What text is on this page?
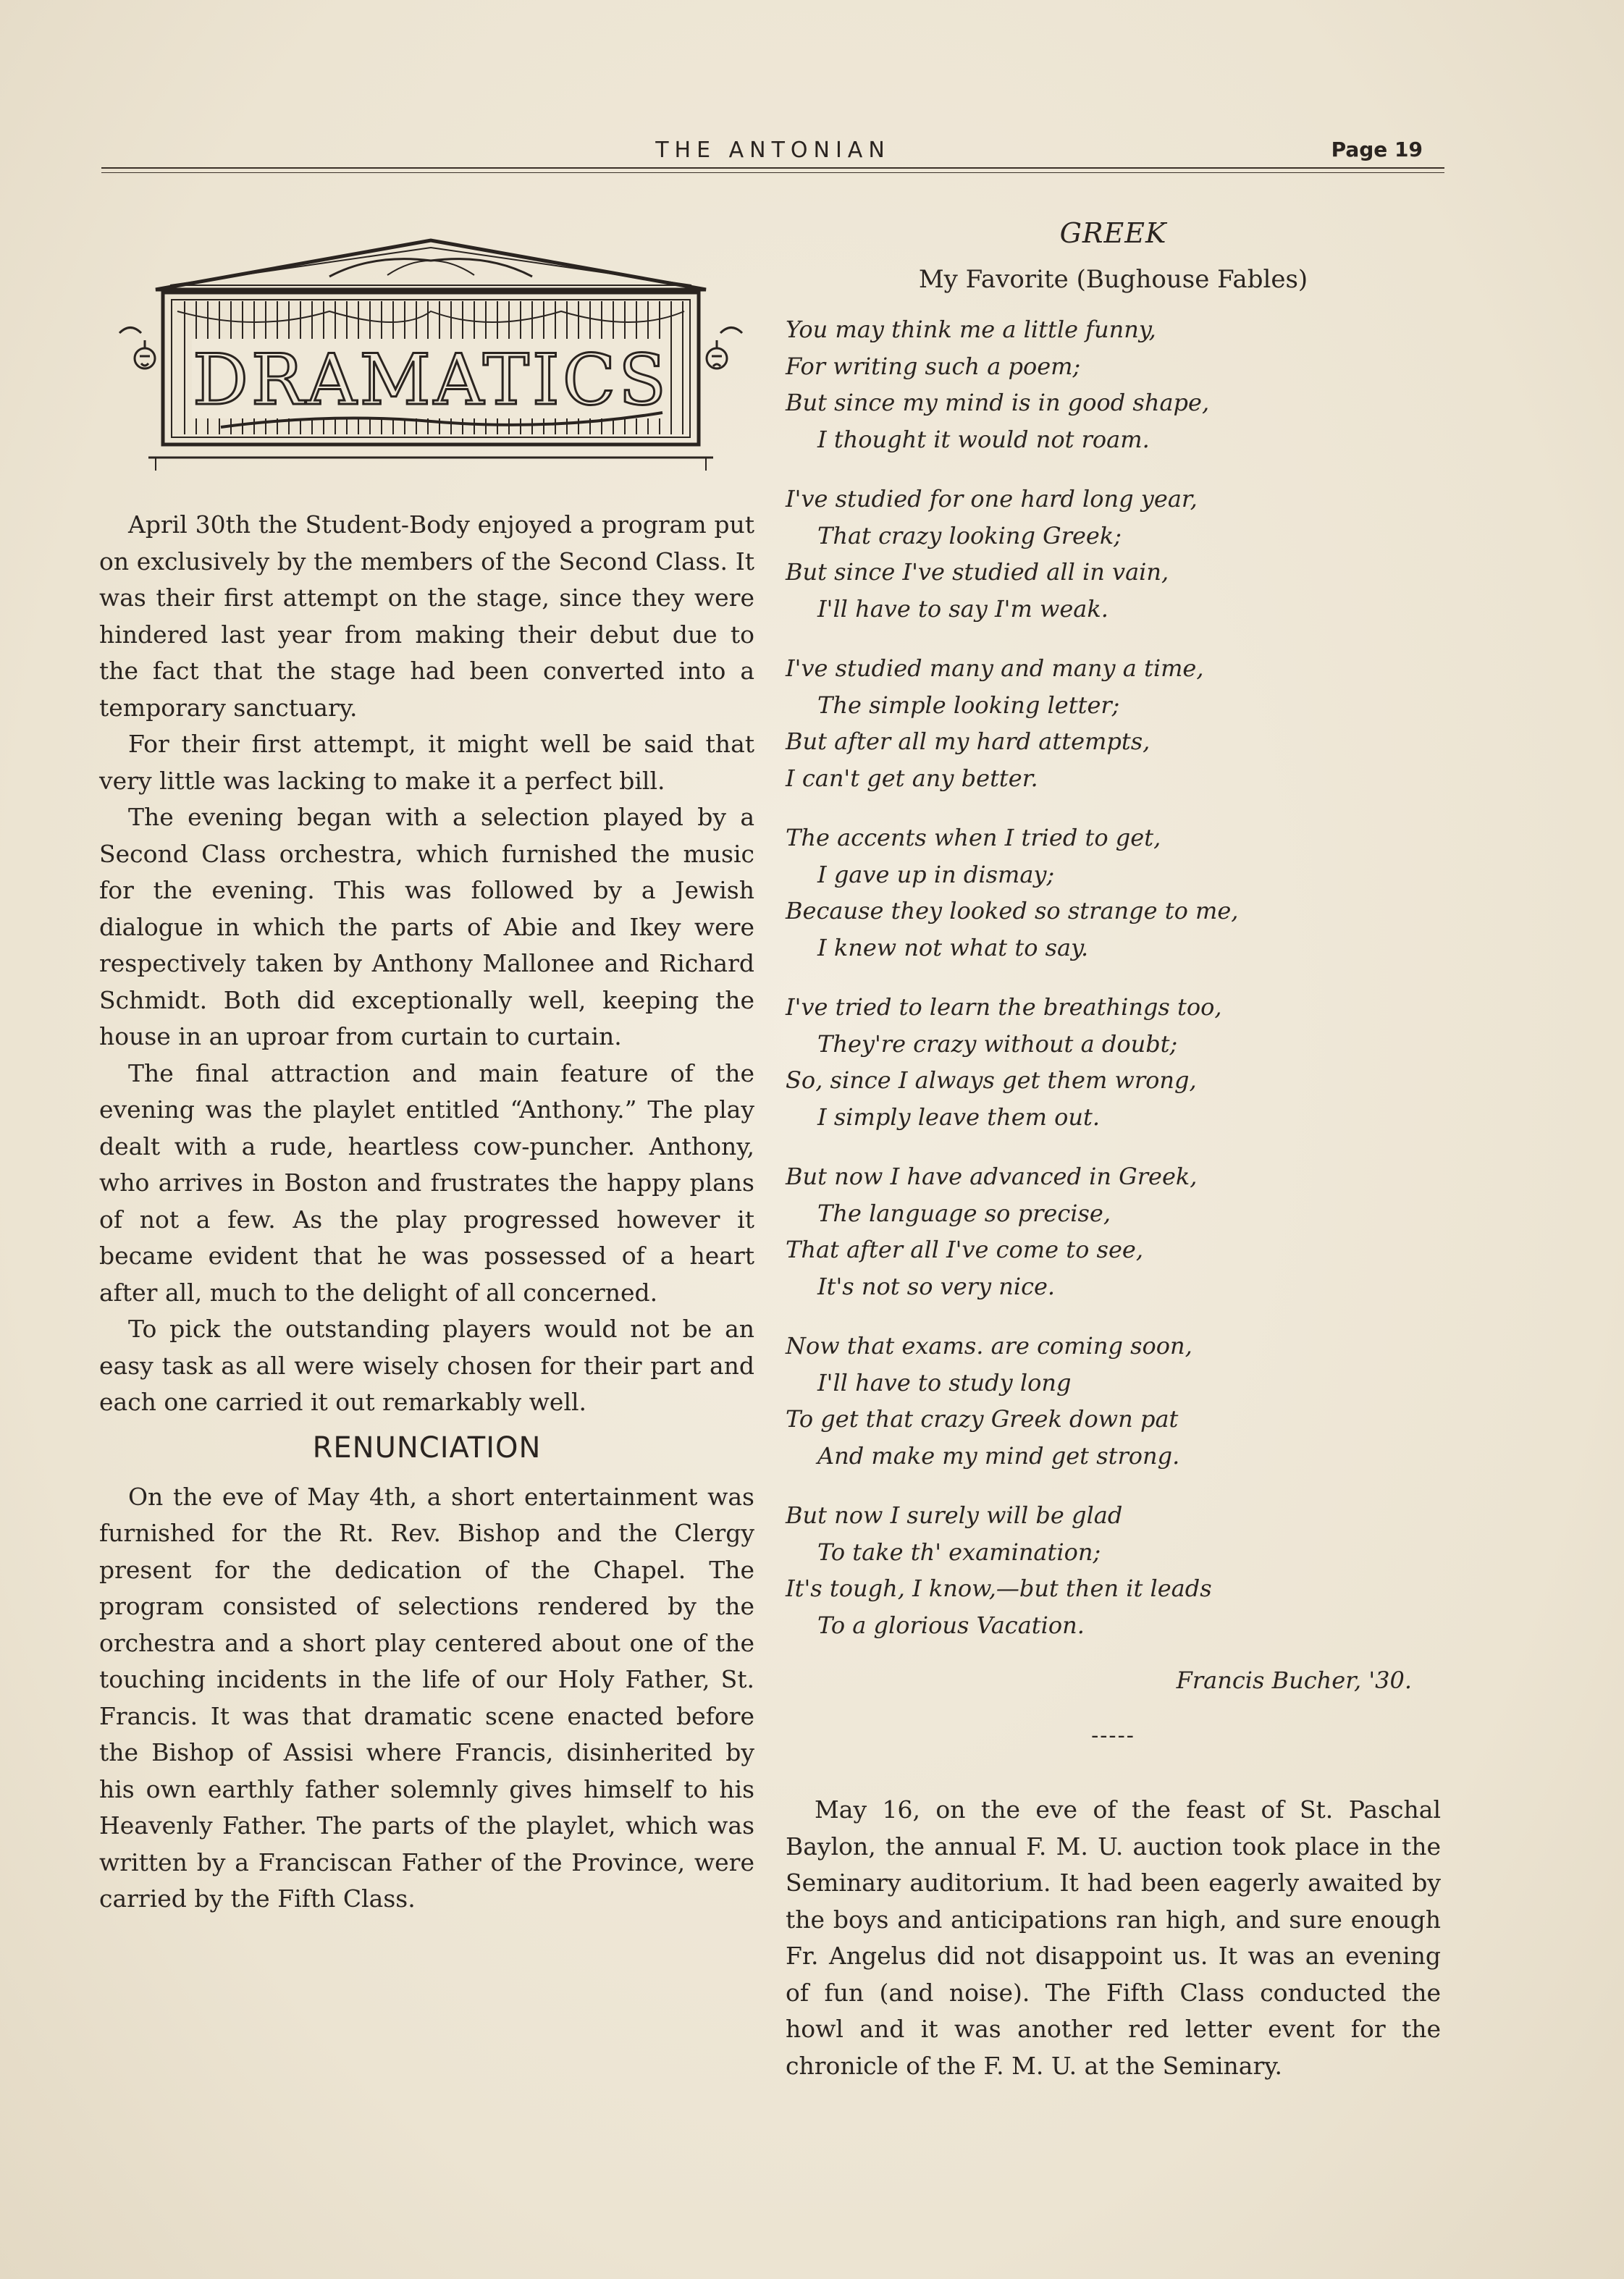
THE ANTONIAN	Page 19
DRAMATICS

April 30th the Student-Body enjoyed a program put on exclusively by the members of the Second Class. It was their first attempt on the stage, since they were hindered last year from making their debut due to the fact that the stage had been converted into a temporary sanctuary.

For their first attempt, it might well be said that very little was lacking to make it a perfect bill.

The evening began with a selection played by a Second Class orchestra, which furnished the music for the evening. This was followed by a Jewish dialogue in which the parts of Abie and Ikey were respectively taken by Anthony Mallonee and Richard Schmidt. Both did exceptionally well, keeping the house in an uproar from curtain to curtain.

The final attraction and main feature of the evening was the playlet entitled “Anthony.” The play dealt with a rude, heartless cow-puncher. Anthony, who arrives in Boston and frustrates the happy plans of not a few. As the play progressed however it became evident that he was possessed of a heart after all, much to the delight of all concerned.

To pick the outstanding players would not be an easy task as all were wisely chosen for their part and each one carried it out remarkably well.

RENUNCIATION

On the eve of May 4th, a short entertainment was furnished for the Rt. Rev. Bishop and the Clergy present for the dedication of the Chapel. The program consisted of selections rendered by the orchestra and a short play centered about one of the touching incidents in the life of our Holy Father, St. Francis. It was that dramatic scene enacted before the Bishop of Assisi where Francis, disinherited by his own earthly father solemnly gives himself to his Heavenly Father. The parts of the playlet, which was written by a Franciscan Father of the Province, were carried by the Fifth Class.

GREEK
My Favorite (Bughouse Fables)
You may think me a little funny,
For writing such a poem;
But since my mind is in good shape,
I thought it would not roam.
I've studied for one hard long year,
That crazy looking Greek;
But since I've studied all in vain,
I'll have to say I'm weak.
I've studied many and many a time,
The simple looking letter;
But after all my hard attempts,
I can't get any better.
The accents when I tried to get,
I gave up in dismay;
Because they looked so strange to me,
I knew not what to say.
I've tried to learn the breathings too,
They're crazy without a doubt;
So, since I always get them wrong,
I simply leave them out.
But now I have advanced in Greek,
The language so precise,
That after all I've come to see,
It's not so very nice.
Now that exams. are coming soon,
I'll have to study long
To get that crazy Greek down pat
And make my mind get strong.
But now I surely will be glad
To take th' examination;
It's tough, I know,—but then it leads
To a glorious Vacation.
Francis Bucher, '30.
-----

May 16, on the eve of the feast of St. Paschal Baylon, the annual F. M. U. auction took place in the Seminary auditorium. It had been eagerly awaited by the boys and anticipations ran high, and sure enough Fr. Angelus did not disappoint us. It was an evening of fun (and noise). The Fifth Class conducted the howl and it was another red letter event for the chronicle of the F. M. U. at the Seminary.
